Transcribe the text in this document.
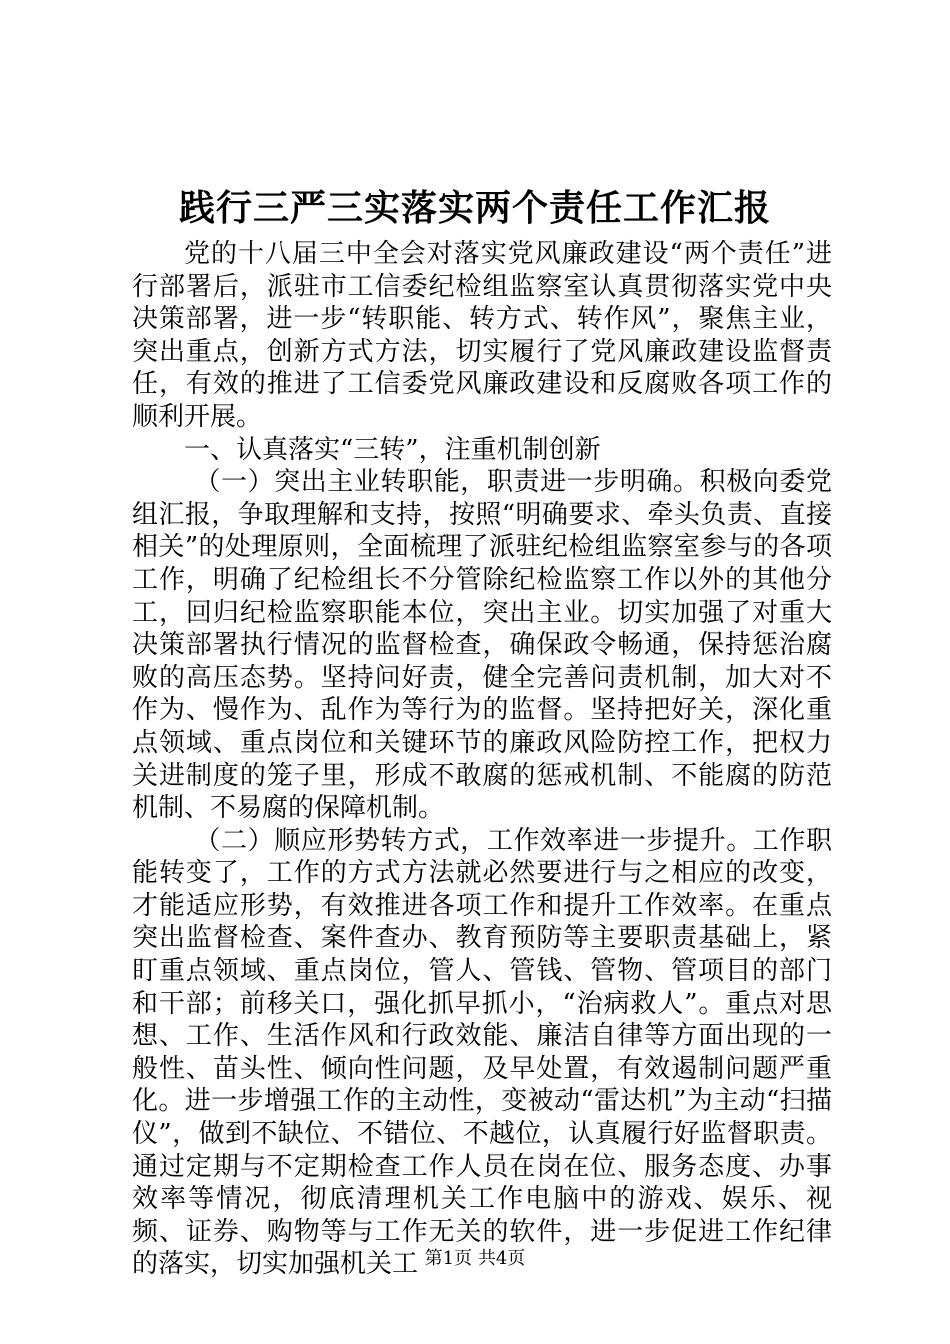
践行三严三实落实两个责任工作汇报

党的十八届三中全会对落实党风廉政建设“两个责任”进行部署后，派驻市工信委纪检组监察室认真贯彻落实党中央决策部署，进一步“转职能、转方式、转作风”，聚焦主业，突出重点，创新方式方法，切实履行了党风廉政建设监督责任，有效的推进了工信委党风廉政建设和反腐败各项工作的顺利开展。

一、认真落实“三转”，注重机制创新

（一）突出主业转职能，职责进一步明确。积极向委党组汇报，争取理解和支持，按照“明确要求、牵头负责、直接相关”的处理原则，全面梳理了派驻纪检组监察室参与的各项工作，明确了纪检组长不分管除纪检监察工作以外的其他分工，回归纪检监察职能本位，突出主业。切实加强了对重大决策部署执行情况的监督检查，确保政令畅通，保持惩治腐败的高压态势。坚持问好责，健全完善问责机制，加大对不作为、慢作为、乱作为等行为的监督。坚持把好关，深化重点领域、重点岗位和关键环节的廉政风险防控工作，把权力关进制度的笼子里，形成不敢腐的惩戒机制、不能腐的防范机制、不易腐的保障机制。

（二）顺应形势转方式，工作效率进一步提升。工作职能转变了，工作的方式方法就必然要进行与之相应的改变，才能适应形势，有效推进各项工作和提升工作效率。在重点突出监督检查、案件查办、教育预防等主要职责基础上，紧盯重点领域、重点岗位，管人、管钱、管物、管项目的部门和干部；前移关口，强化抓早抓小，“治病救人”。重点对思想、工作、生活作风和行政效能、廉洁自律等方面出现的一般性、苗头性、倾向性问题，及早处置，有效遏制问题严重化。进一步增强工作的主动性，变被动“雷达机”为主动“扫描仪”，做到不缺位、不错位、不越位，认真履行好监督职责。通过定期与不定期检查工作人员在岗在位、服务态度、办事效率等情况，彻底清理机关工作电脑中的游戏、娱乐、视频、证券、购物等与工作无关的软件，进一步促进工作纪律的落实，切实加强机关工 第1页 共4页
